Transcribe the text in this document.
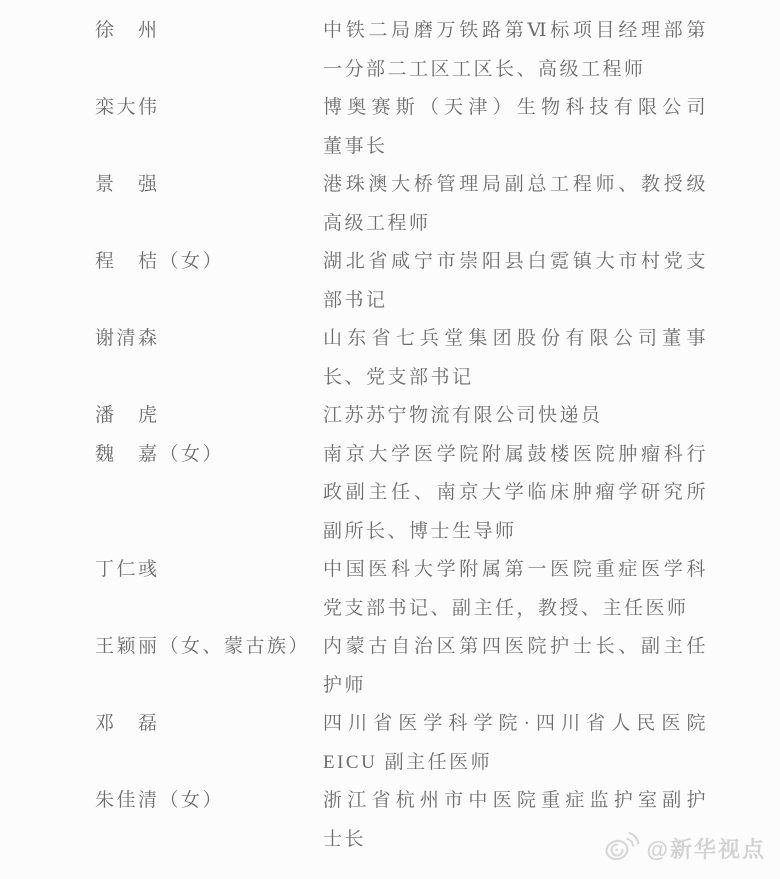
徐　州	中铁二局磨万铁路第Ⅵ标项目经理部第
一分部二工区工区长、高级工程师
栾大伟	博奥赛斯（天津）生物科技有限公司
董事长
景　强	港珠澳大桥管理局副总工程师、教授级
高级工程师
程　桔（女）	湖北省咸宁市崇阳县白霓镇大市村党支
部书记
谢清森	山东省七兵堂集团股份有限公司董事
长、党支部书记
潘　虎	江苏苏宁物流有限公司快递员
魏　嘉（女）	南京大学医学院附属鼓楼医院肿瘤科行
政副主任、南京大学临床肿瘤学研究所
副所长、博士生导师
丁仁彧	中国医科大学附属第一医院重症医学科
党支部书记、副主任，教授、主任医师
王颖丽（女、蒙古族） 内蒙古自治区第四医院护士长、副主任
护师
邓　磊	四川省医学科学院·四川省人民医院
EICU 副主任医师
朱佳清（女）	浙江省杭州市中医院重症监护室副护
士长	@新华视点
